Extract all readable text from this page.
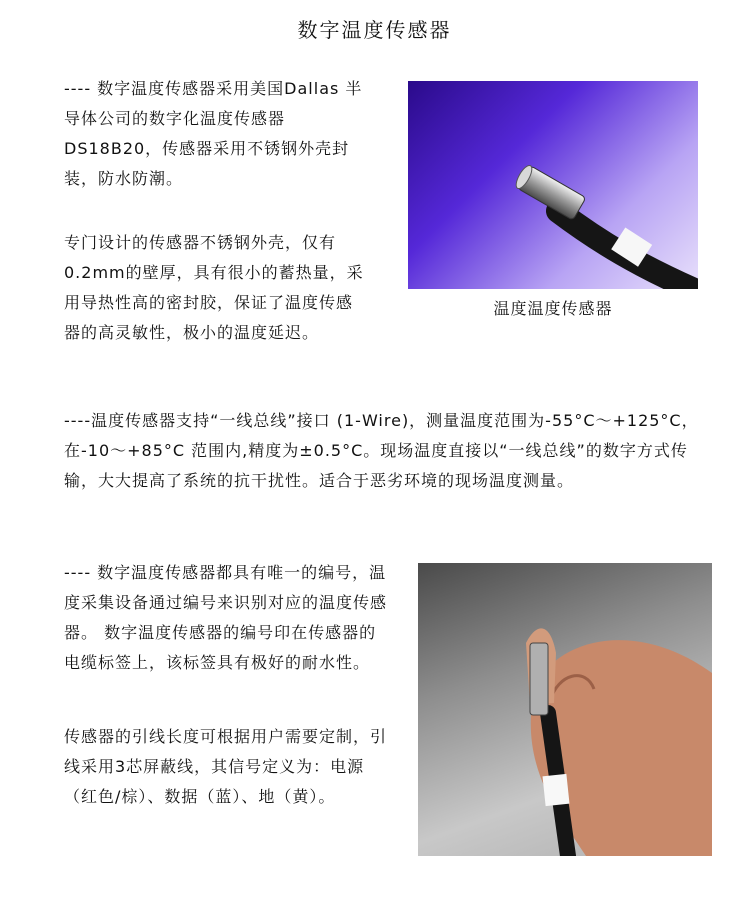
数字温度传感器

---- 数字温度传感器采用美国Dallas 半导体公司的数字化温度传感器DS18B20，传感器采用不锈钢外壳封装，防水防潮。

温度温度传感器

专门设计的传感器不锈钢外壳，仅有0.2mm的壁厚，具有很小的蓄热量，采用导热性高的密封胶，保证了温度传感器的高灵敏性，极小的温度延迟。

----温度传感器支持“一线总线”接口 (1-Wire)，测量温度范围为-55°C～+125°C，在-10～+85°C 范围内,精度为±0.5°C。现场温度直接以“一线总线”的数字方式传输，大大提高了系统的抗干扰性。适合于恶劣环境的现场温度测量。

---- 数字温度传感器都具有唯一的编号，温度采集设备通过编号来识别对应的温度传感器。 数字温度传感器的编号印在传感器的电缆标签上，该标签具有极好的耐水性。

传感器的引线长度可根据用户需要定制，引线采用3芯屏蔽线，其信号定义为：电源（红色/棕）、数据（蓝）、地（黄）。
